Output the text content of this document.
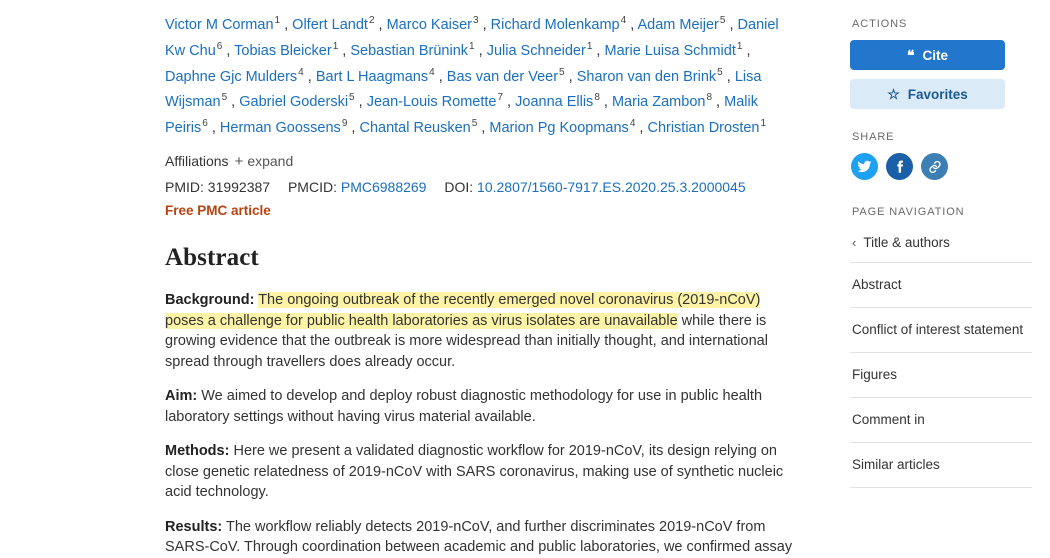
Victor M Corman$^1$ , Olfert Landt$^2$ , Marco Kaiser$^3$ , Richard Molenkamp$^4$ , Adam Meijer$^5$ , Daniel Kw Chu$^6$ , Tobias Bleicker$^1$ , Sebastian Brünink$^1$ , Julia Schneider$^1$ , Marie Luisa Schmidt$^1$ , Daphne Gjc Mulders$^4$ , Bart L Haagmans$^4$ , Bas van der Veer$^5$ , Sharon van den Brink$^5$ , Lisa Wijsman$^5$ , Gabriel Goderski$^5$ , Jean-Louis Romette$^7$ , Joanna Ellis$^8$ , Maria Zambon$^8$ , Malik Peiris$^6$ , Herman Goossens$^9$ , Chantal Reusken$^5$ , Marion Pg Koopmans$^4$ , Christian Drosten$^1$
Affiliations + expand
PMID: 31992387 PMCID: PMC6988269 DOI: 10.2807/1560-7917.ES.2020.25.3.2000045
Free PMC article
Abstract

Background: The ongoing outbreak of the recently emerged novel coronavirus (2019-nCoV) poses a challenge for public health laboratories as virus isolates are unavailable while there is growing evidence that the outbreak is more widespread than initially thought, and international spread through travellers does already occur.

Aim: We aimed to develop and deploy robust diagnostic methodology for use in public health laboratory settings without having virus material available.

Methods: Here we present a validated diagnostic workflow for 2019-nCoV, its design relying on close genetic relatedness of 2019-nCoV with SARS coronavirus, making use of synthetic nucleic acid technology.

Results: The workflow reliably detects 2019-nCoV, and further discriminates 2019-nCoV from SARS-CoV. Through coordination between academic and public laboratories, we confirmed assay

ACTIONS
❝ Cite
☆ Favorites
SHARE
PAGE NAVIGATION
‹ Title & authors
Abstract
Conflict of interest statement
Figures
Comment in
Similar articles
